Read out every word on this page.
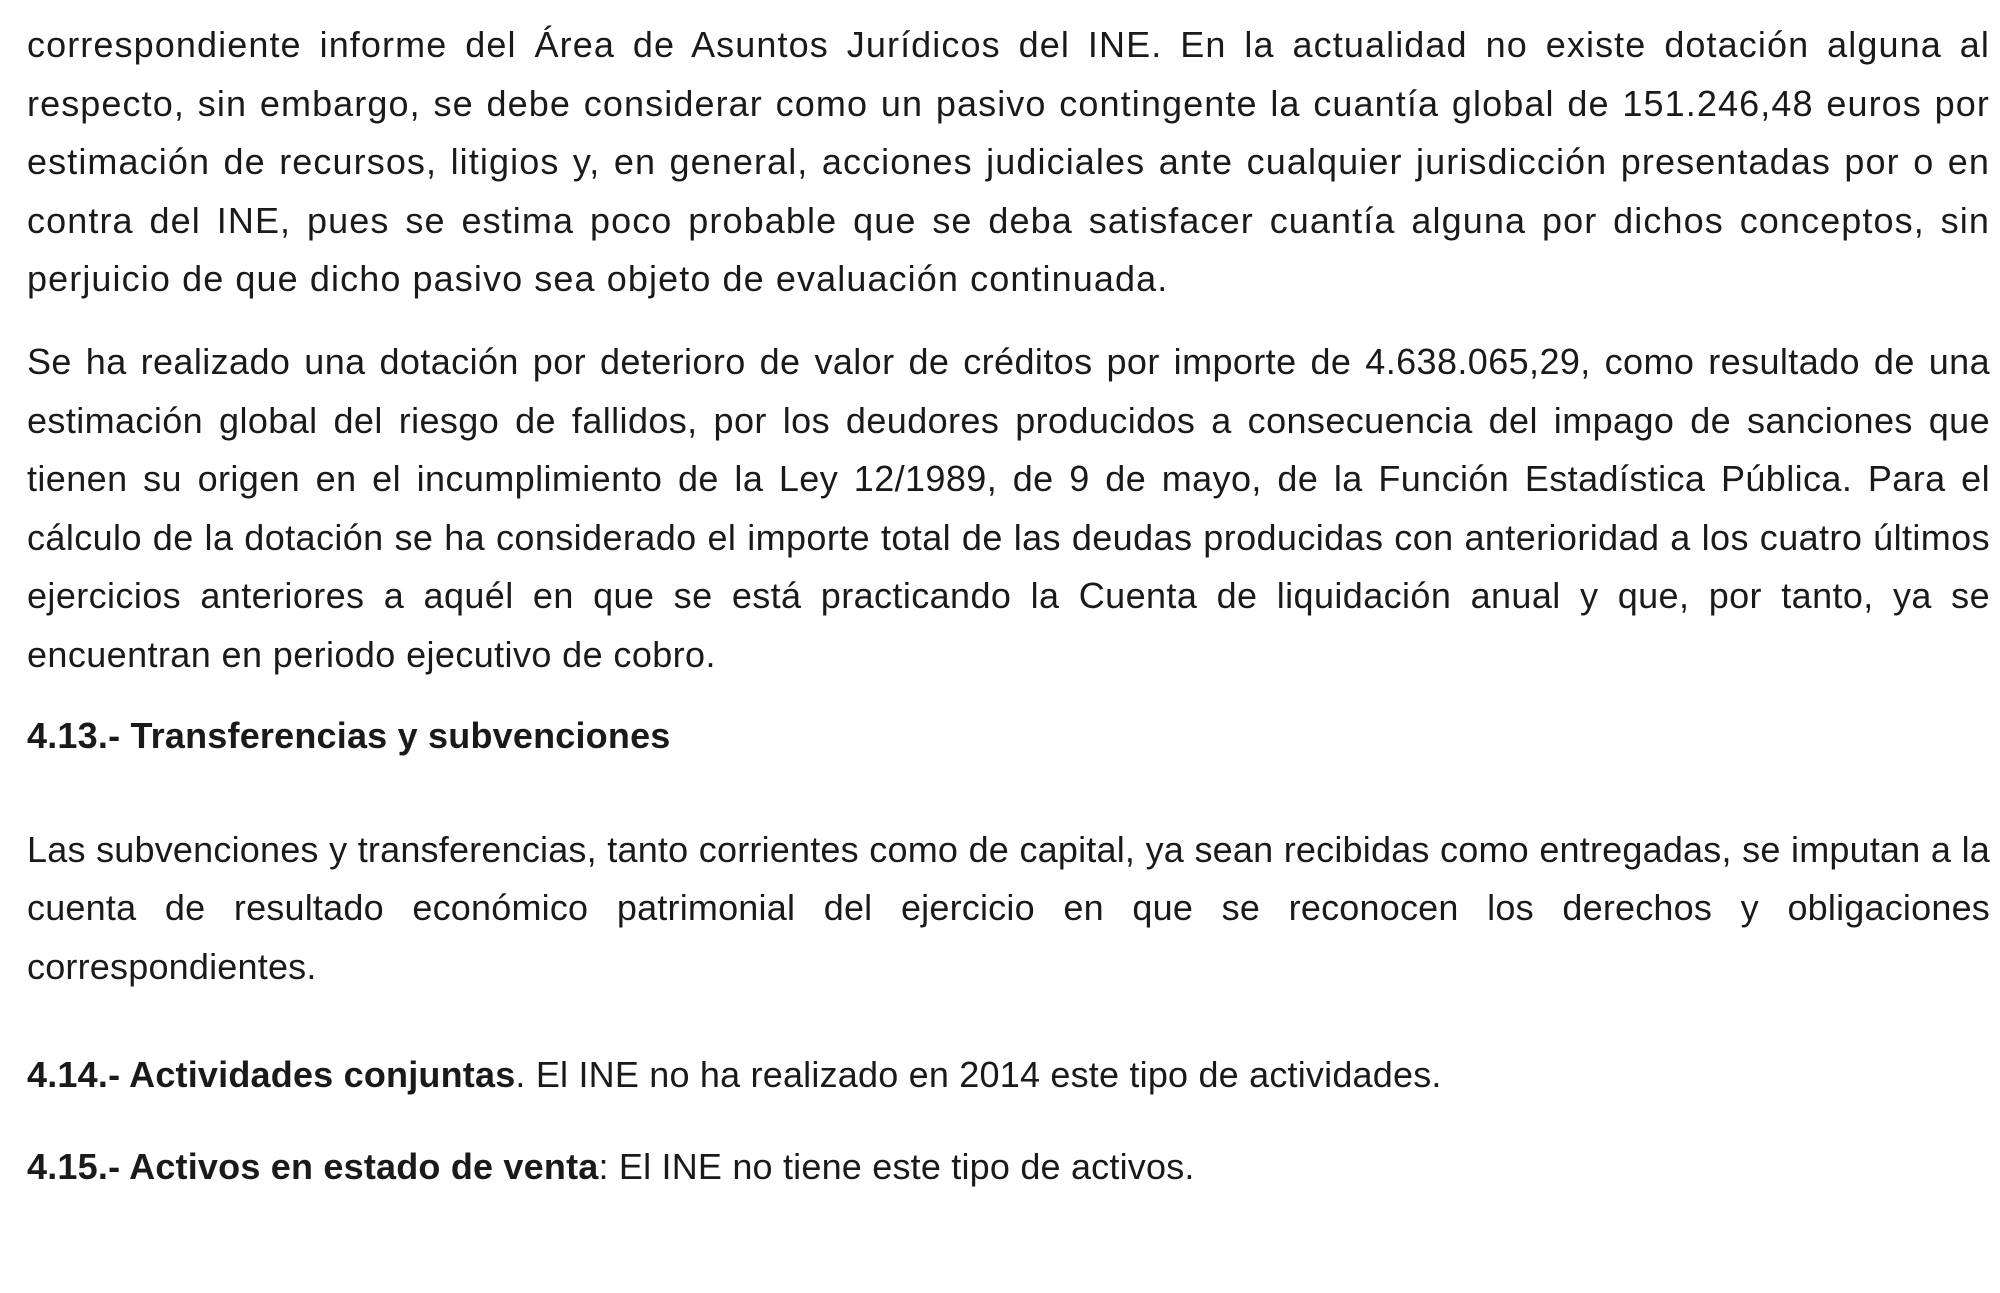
correspondiente informe del Área de Asuntos Jurídicos del INE. En la actualidad no existe dotación alguna al respecto, sin embargo, se debe considerar como un pasivo contingente la cuantía global de 151.246,48 euros por estimación de recursos, litigios y, en general, acciones judiciales ante cualquier jurisdicción presentadas por o en contra del INE, pues se estima poco probable que se deba satisfacer cuantía alguna por dichos conceptos, sin perjuicio de que dicho pasivo sea objeto de evaluación continuada.

Se ha realizado una dotación por deterioro de valor de créditos por importe de 4.638.065,29, como resultado de una estimación global del riesgo de fallidos, por los deudores producidos a consecuencia del impago de sanciones que tienen su origen en el incumplimiento de la Ley 12/1989, de 9 de mayo, de la Función Estadística Pública. Para el cálculo de la dotación se ha considerado el importe total de las deudas producidas con anterioridad a los cuatro últimos ejercicios anteriores a aquél en que se está practicando la Cuenta de liquidación anual y que, por tanto, ya se encuentran en periodo ejecutivo de cobro.

4.13.- Transferencias y subvenciones

Las subvenciones y transferencias, tanto corrientes como de capital, ya sean recibidas como entregadas, se imputan a la cuenta de resultado económico patrimonial del ejercicio en que se reconocen los derechos y obligaciones correspondientes.

4.14.- Actividades conjuntas. El INE no ha realizado en 2014 este tipo de actividades.

4.15.- Activos en estado de venta: El INE no tiene este tipo de activos.
